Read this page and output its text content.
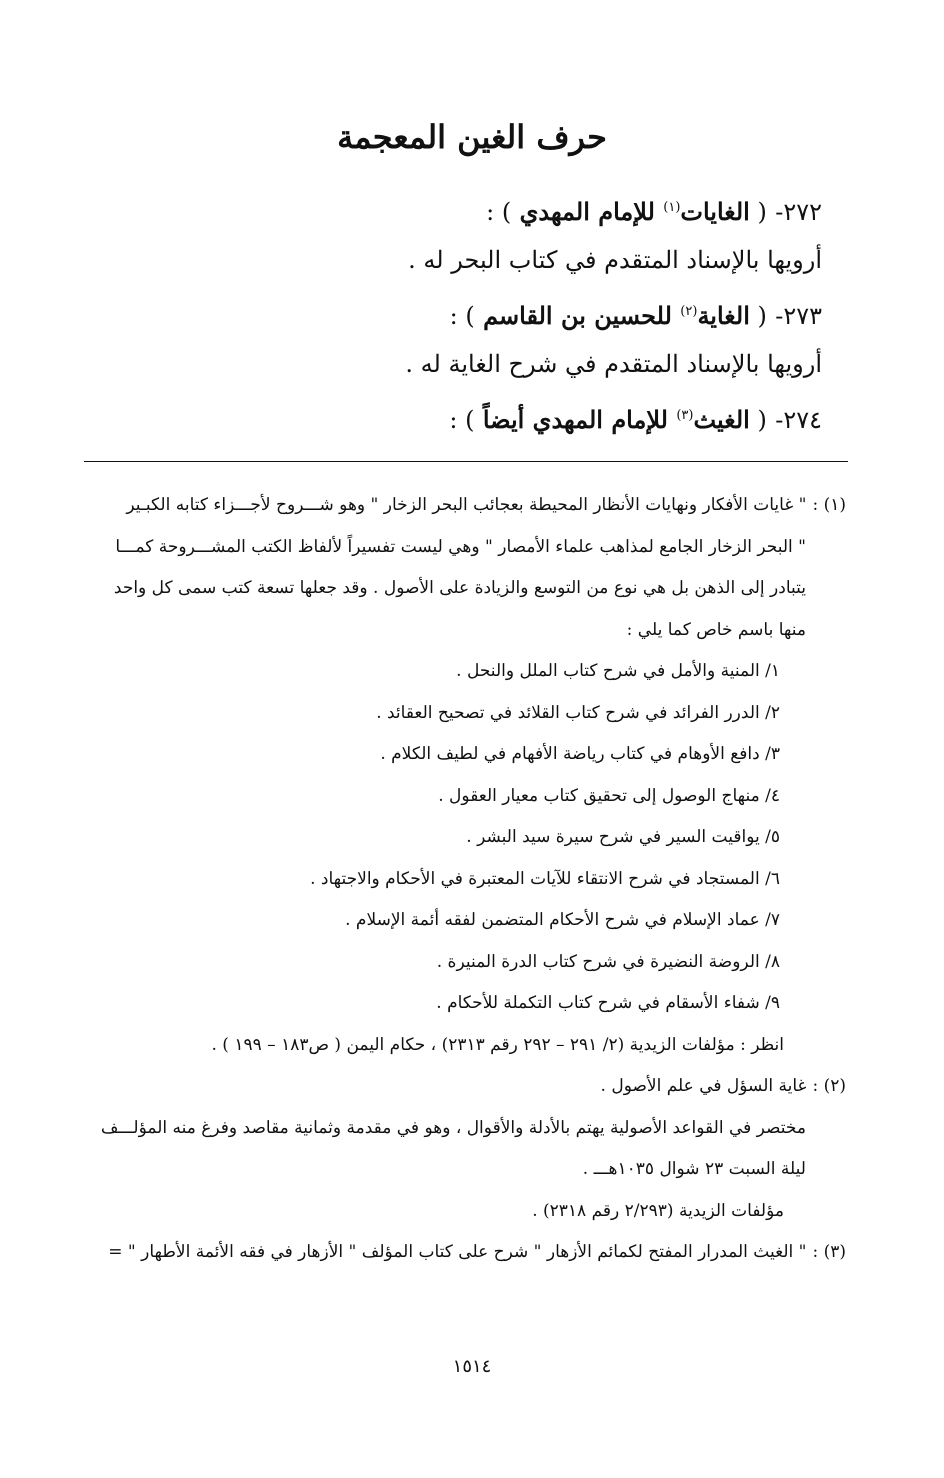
حرف الغين المعجمة
٢٧٢- ( الغايات$^{(١)}$ للإمام المهدي ) :
أرويها بالإسناد المتقدم في كتاب البحر له .
٢٧٣- ( الغاية$^{(٢)}$ للحسين بن القاسم ) :
أرويها بالإسناد المتقدم في شرح الغاية له .
٢٧٤- ( الغيث$^{(٣)}$ للإمام المهدي أيضاً ) :
(١) :" غايات الأفكار ونهايات الأنظار المحيطة بعجائب البحر الزخار " وهو شـــروح لأجـــزاء كتابه الكبـير
" البحر الزخار الجامع لمذاهب علماء الأمصار " وهي ليست تفسيراً لألفاظ الكتب المشـــروحة كمـــا
يتبادر إلى الذهن بل هي نوع من التوسع والزيادة على الأصول . وقد جعلها تسعة كتب سمى كل واحد
منها باسم خاص كما يلي :
١/ المنية والأمل في شرح كتاب الملل والنحل .
٢/ الدرر الفرائد في شرح كتاب القلائد في تصحيح العقائد .
٣/ دافع الأوهام في كتاب رياضة الأفهام في لطيف الكلام .
٤/ منهاج الوصول إلى تحقيق كتاب معيار العقول .
٥/ يواقيت السير في شرح سيرة سيد البشر .
٦/ المستجاد في شرح الانتقاء للآيات المعتبرة في الأحكام والاجتهاد .
٧/ عماد الإسلام في شرح الأحكام المتضمن لفقه أئمة الإسلام .
٨/ الروضة النضيرة في شرح كتاب الدرة المنيرة .
٩/ شفاء الأسقام في شرح كتاب التكملة للأحكام .
انظر : مؤلفات الزيدية (٢/ ٢٩١ – ٢٩٢ رقم ٢٣١٣) ، حكام اليمن ( ص١٨٣ – ١٩٩ ) .
(٢) :غاية السؤل في علم الأصول .
مختصر في القواعد الأصولية يهتم بالأدلة والأقوال ، وهو في مقدمة وثمانية مقاصد وفرغ منه المؤلـــف
ليلة السبت ٢٣ شوال ١٠٣٥هـــ .
مؤلفات الزيدية (٢/٢٩٣ رقم ٢٣١٨) .
(٣) :" الغيث المدرار المفتح لكمائم الأزهار " شرح على كتاب المؤلف " الأزهار في فقه الأئمة الأطهار " =
١٥١٤
